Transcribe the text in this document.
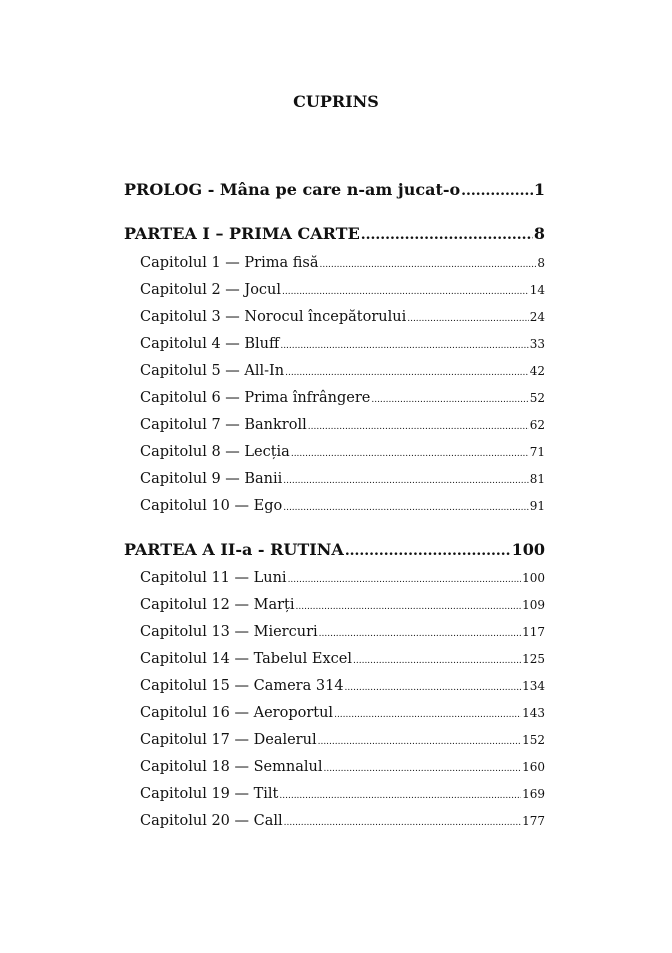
CUPRINS
PROLOG - Mâna pe care n-am jucat-o .....	1
PARTEA I – PRIMA CARTE .....	8
Capitolul 1 — Prima fisă .....	8
Capitolul 2 — Jocul .....	14
Capitolul 3 — Norocul începătorului .....	24
Capitolul 4 — Bluff .....	33
Capitolul 5 — All-In .....	42
Capitolul 6 — Prima înfrângere .....	52
Capitolul 7 — Bankroll .....	62
Capitolul 8 — Lecția .....	71
Capitolul 9 — Banii .....	81
Capitolul 10 — Ego .....	91
PARTEA A II-a - RUTINA .....	100
Capitolul 11 — Luni .....	100
Capitolul 12 — Marți .....	109
Capitolul 13 — Miercuri .....	117
Capitolul 14 — Tabelul Excel .....	125
Capitolul 15 — Camera 314 .....	134
Capitolul 16 — Aeroportul .....	143
Capitolul 17 — Dealerul .....	152
Capitolul 18 — Semnalul .....	160
Capitolul 19 — Tilt .....	169
Capitolul 20 — Call .....	177
